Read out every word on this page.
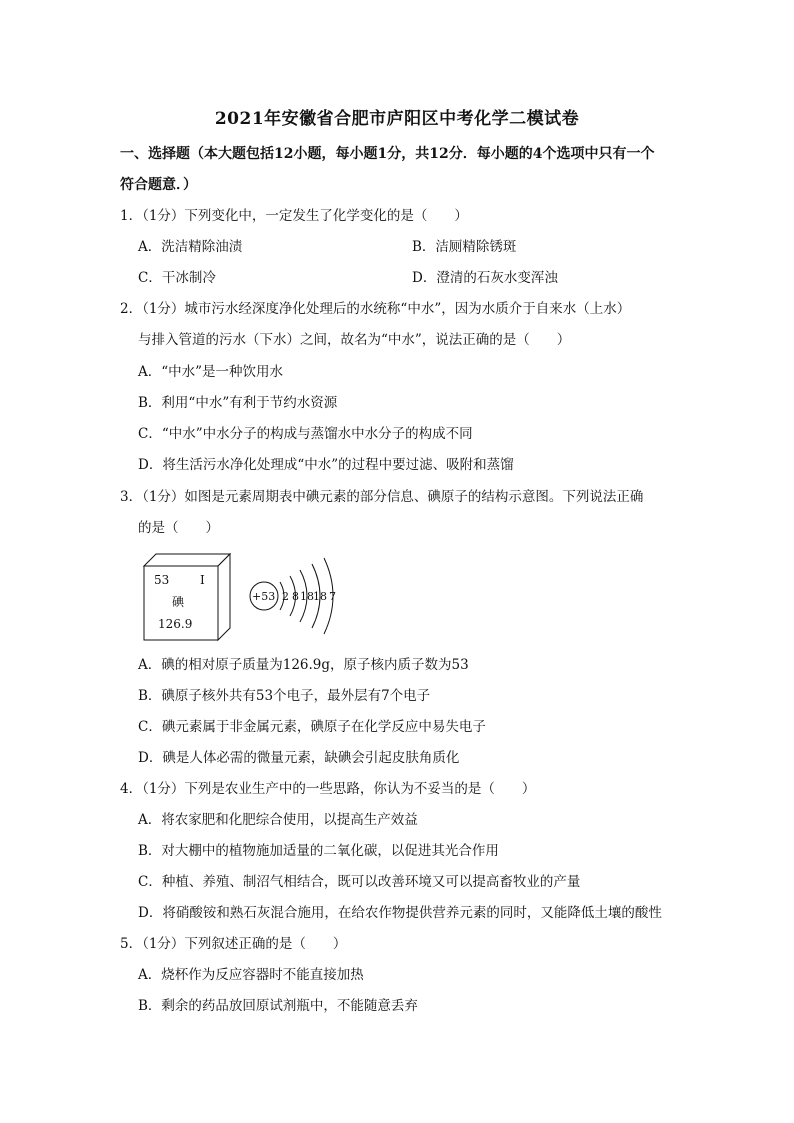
2021年安徽省合肥市庐阳区中考化学二模试卷
一、选择题（本大题包括12小题，每小题1分，共12分．每小题的4个选项中只有一个
符合题意．）
1．（1分）下列变化中，一定发生了化学变化的是（　　）
A．洗洁精除油渍	B．洁厕精除锈斑
C．干冰制冷	D．澄清的石灰水变浑浊
2．（1分）城市污水经深度净化处理后的水统称“中水”，因为水质介于自来水（上水）
与排入管道的污水（下水）之间，故名为“中水”，说法正确的是（　　）
A．“中水”是一种饮用水
B．利用“中水”有利于节约水资源
C．“中水”中水分子的构成与蒸馏水中水分子的构成不同
D．将生活污水净化处理成“中水”的过程中要过滤、吸附和蒸馏
3．（1分）如图是元素周期表中碘元素的部分信息、碘原子的结构示意图。下列说法正确
的是（　　）
53	I
碘
126.9
+53 2 8 18 18 7
A．碘的相对原子质量为126.9g，原子核内质子数为53
B．碘原子核外共有53个电子，最外层有7个电子
C．碘元素属于非金属元素，碘原子在化学反应中易失电子
D．碘是人体必需的微量元素，缺碘会引起皮肤角质化
4．（1分）下列是农业生产中的一些思路，你认为不妥当的是（　　）
A．将农家肥和化肥综合使用，以提高生产效益
B．对大棚中的植物施加适量的二氧化碳，以促进其光合作用
C．种植、养殖、制沼气相结合，既可以改善环境又可以提高畜牧业的产量
D．将硝酸铵和熟石灰混合施用，在给农作物提供营养元素的同时，又能降低土壤的酸性
5．（1分）下列叙述正确的是（　　）
A．烧杯作为反应容器时不能直接加热
B．剩余的药品放回原试剂瓶中，不能随意丢弃
